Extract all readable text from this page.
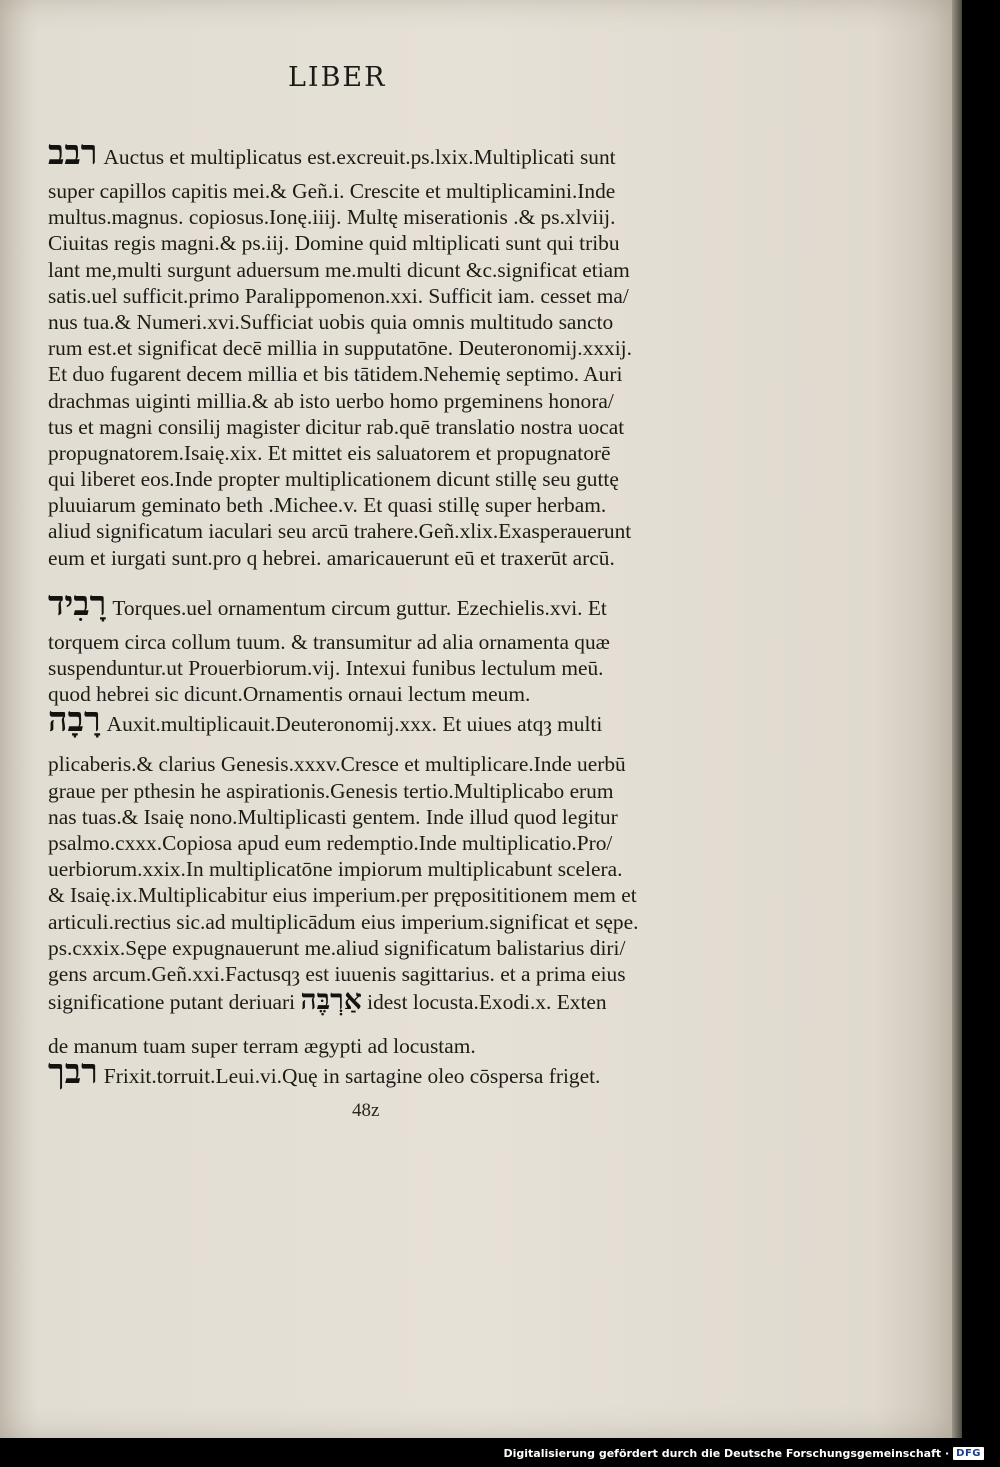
LIBER
רבב Auctus et multiplicatus est.excreuit.ps.lxix.Multiplicati sunt
super capillos capitis mei.& Geñ.i. Crescite et multiplicamini.Inde
multus.magnus. copiosus.Ionę.iiij. Multę miserationis .& ps.xlviij.
Ciuitas regis magni.& ps.iij. Domine quid mltiplicati sunt qui tribu
lant me,multi surgunt aduersum me.multi dicunt &c.significat etiam
satis.uel sufficit.primo Paralippomenon.xxi. Sufficit iam. cesset ma/
nus tua.& Numeri.xvi.Sufficiat uobis quia omnis multitudo sancto
rum est.et significat decē millia in supputatōne. Deuteronomij.xxxij.
Et duo fugarent decem millia et bis tātidem.Nehemię septimo. Auri
drachmas uiginti millia.& ab isto uerbo homo prgeminens honora/
tus et magni consilij magister dicitur rab.quē translatio nostra uocat
propugnatorem.Isaię.xix. Et mittet eis saluatorem et propugnatorē
qui liberet eos.Inde propter multiplicationem dicunt stillę seu guttę
pluuiarum geminato beth .Michee.v. Et quasi stillę super herbam.
aliud significatum iaculari seu arcū trahere.Geñ.xlix.Exasperauerunt
eum et iurgati sunt.pro q hebrei. amaricauerunt eū et traxerūt arcū.
רָבִיד Torques.uel ornamentum circum guttur. Ezechielis.xvi. Et
torquem circa collum tuum. & transumitur ad alia ornamenta quæ
suspenduntur.ut Prouerbiorum.vij. Intexui funibus lectulum meū.
quod hebrei sic dicunt.Ornamentis ornaui lectum meum.
רָבָה Auxit.multiplicauit.Deuteronomij.xxx. Et uiues atqȝ multi
plicaberis.& clarius Genesis.xxxv.Cresce et multiplicare.Inde uerbū
graue per pthesin he aspirationis.Genesis tertio.Multiplicabo erum
nas tuas.& Isaię nono.Multiplicasti gentem. Inde illud quod legitur
psalmo.cxxx.Copiosa apud eum redemptio.Inde multiplicatio.Pro/
uerbiorum.xxix.In multiplicatōne impiorum multiplicabunt scelera.
& Isaię.ix.Multiplicabitur eius imperium.per pręposititionem mem et
articuli.rectius sic.ad multiplicādum eius imperium.significat et sępe.
ps.cxxix.Sępe expugnauerunt me.aliud significatum balistarius diri/
gens arcum.Geñ.xxi.Factusqȝ est iuuenis sagittarius. et a prima eius
significatione putant deriuari אַרְבֶּה idest locusta.Exodi.x. Exten
de manum tuam super terram ægypti ad locustam.
רבך Frixit.torruit.Leui.vi.Quę in sartagine oleo cōspersa friget.
48z
Digitalisierung gefördert durch die Deutsche Forschungsgemeinschaft · DFG
